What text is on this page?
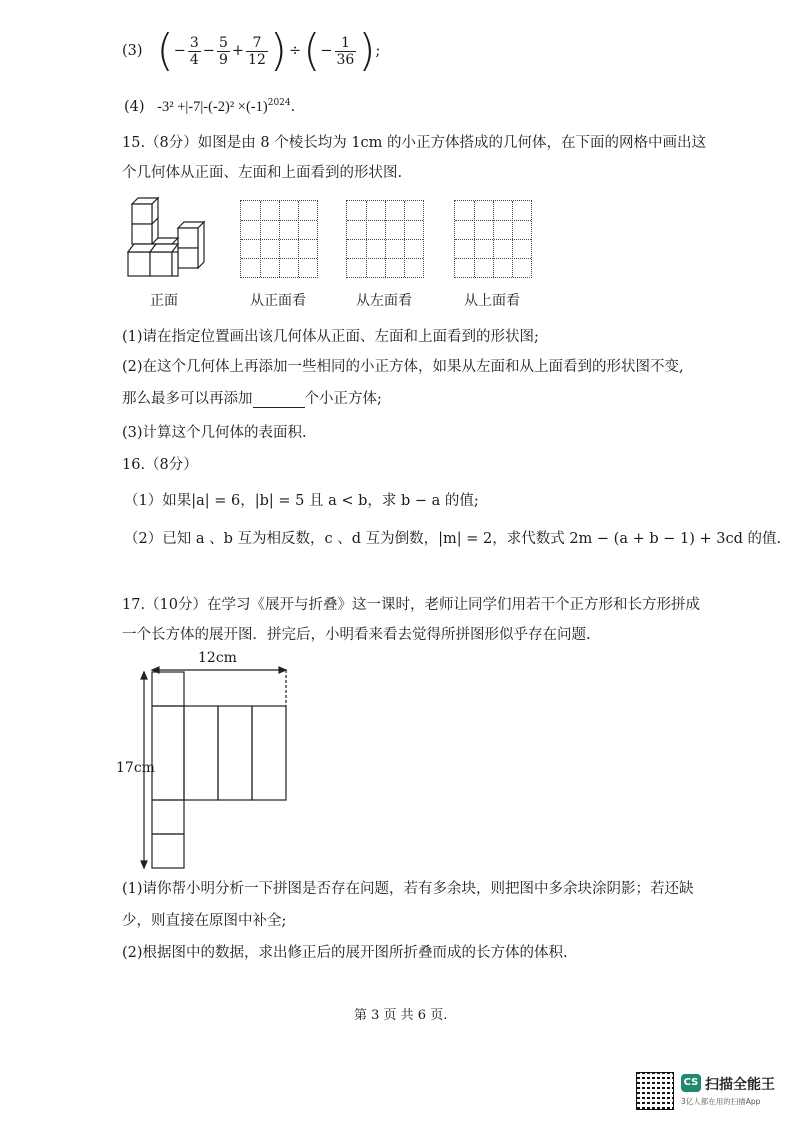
(3) ( − $\frac{3}{4} - \frac{5}{9} + \frac{7}{12}$ ) ÷ ( − $\frac{1}{36}$ ) ;
(4) $-3^2 +|-7|-(-2)^2 \times(-1)^{2024}$.
15.（8分）如图是由 8 个棱长均为 1cm 的小正方体搭成的几何体，在下面的网格中画出这
个几何体从正面、左面和上面看到的形状图.
正面	从正面看	从左面看	从上面看
(1)请在指定位置画出该几何体从正面、左面和上面看到的形状图;
(2)在这个几何体上再添加一些相同的小正方体，如果从左面和从上面看到的形状图不变,
那么最多可以再添加	个小正方体;
(3)计算这个几何体的表面积.
16.（8分）
（1）如果|a| = 6，|b| = 5 且 a < b，求 b − a 的值;
（2）已知 a 、b 互为相反数，c 、d 互为倒数，|m| = 2，求代数式 2m − (a + b − 1) + 3cd 的值.
17.（10分）在学习《展开与折叠》这一课时，老师让同学们用若干个正方形和长方形拼成
一个长方体的展开图．拼完后，小明看来看去觉得所拼图形似乎存在问题.
12cm
17cm
(1)请你帮小明分析一下拼图是否存在问题，若有多余块，则把图中多余块涂阴影；若还缺
少，则直接在原图中补全;
(2)根据图中的数据，求出修正后的展开图所折叠而成的长方体的体积.
第 3 页 共 6 页.
CS 扫描全能王
3亿人都在用的扫描App
